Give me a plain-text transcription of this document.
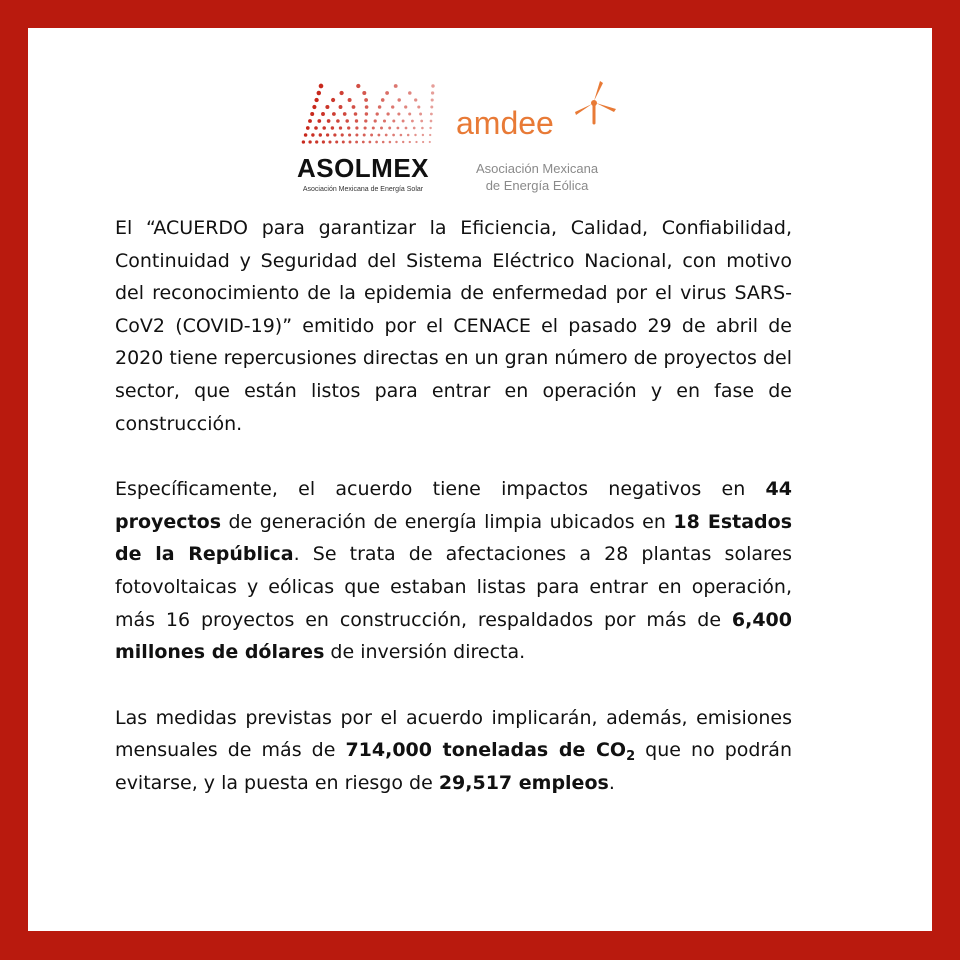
ASOLMEX
Asociación Mexicana de Energía Solar
amdee
Asociación Mexicana
de Energía Eólica

El “ACUERDO para garantizar la Eficiencia, Calidad, Confiabilidad, Continuidad y Seguridad del Sistema Eléctrico Nacional, con motivo del reconocimiento de la epidemia de enfermedad por el virus SARS-CoV2 (COVID-19)” emitido por el CENACE el pasado 29 de abril de 2020 tiene repercusiones directas en un gran número de proyectos del sector, que están listos para entrar en operación y en fase de construcción.

Específicamente, el acuerdo tiene impactos negativos en 44 proyectos de generación de energía limpia ubicados en 18 Estados de la República. Se trata de afectaciones a 28 plantas solares fotovoltaicas y eólicas que estaban listas para entrar en operación, más 16 proyectos en construcción, respaldados por más de 6,400 millones de dólares de inversión directa.

Las medidas previstas por el acuerdo implicarán, además, emisiones mensuales de más de 714,000 toneladas de $CO_2$ que no podrán evitarse, y la puesta en riesgo de 29,517 empleos.
